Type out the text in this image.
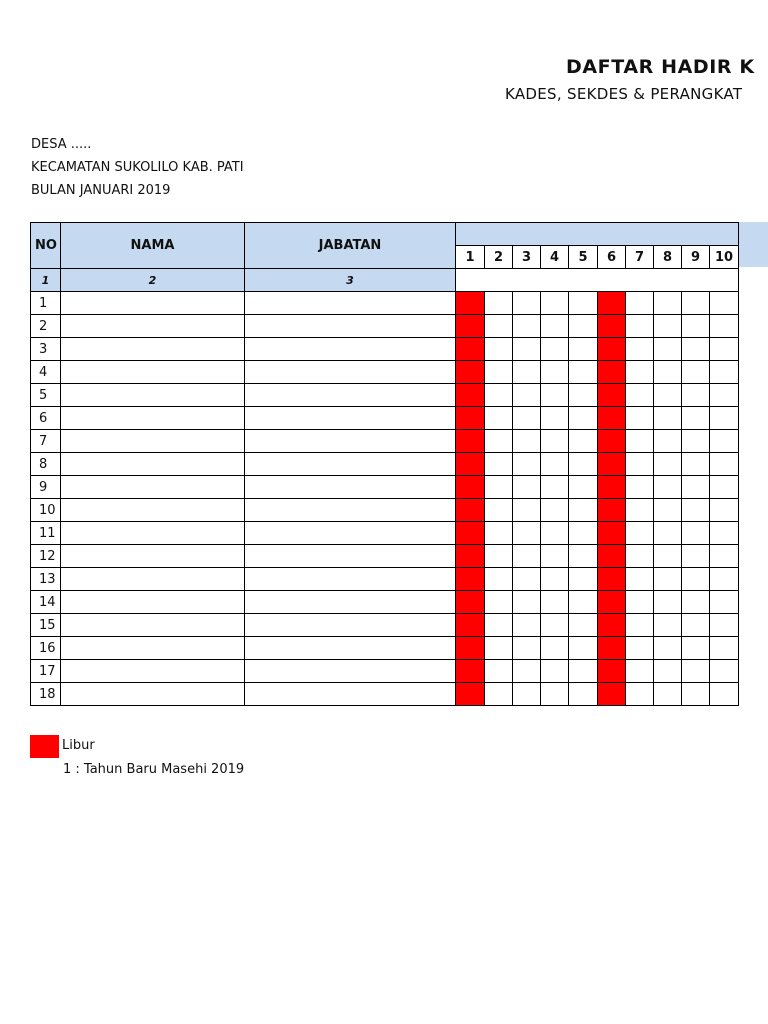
DAFTAR HADIR K
KADES, SEKDES & PERANGKAT
DESA .....
KECAMATAN SUKOLILO KAB. PATI
BULAN JANUARI 2019
NO	NAMA	JABATAN										
			1	2	3	4	5	6	7	8	9	10
1	2	3										
1												
2												
3												
4												
5												
6												
7												
8												
9												
10												
11												
12												
13												
14												
15												
16												
17												
18												
Libur
1 : Tahun Baru Masehi 2019
